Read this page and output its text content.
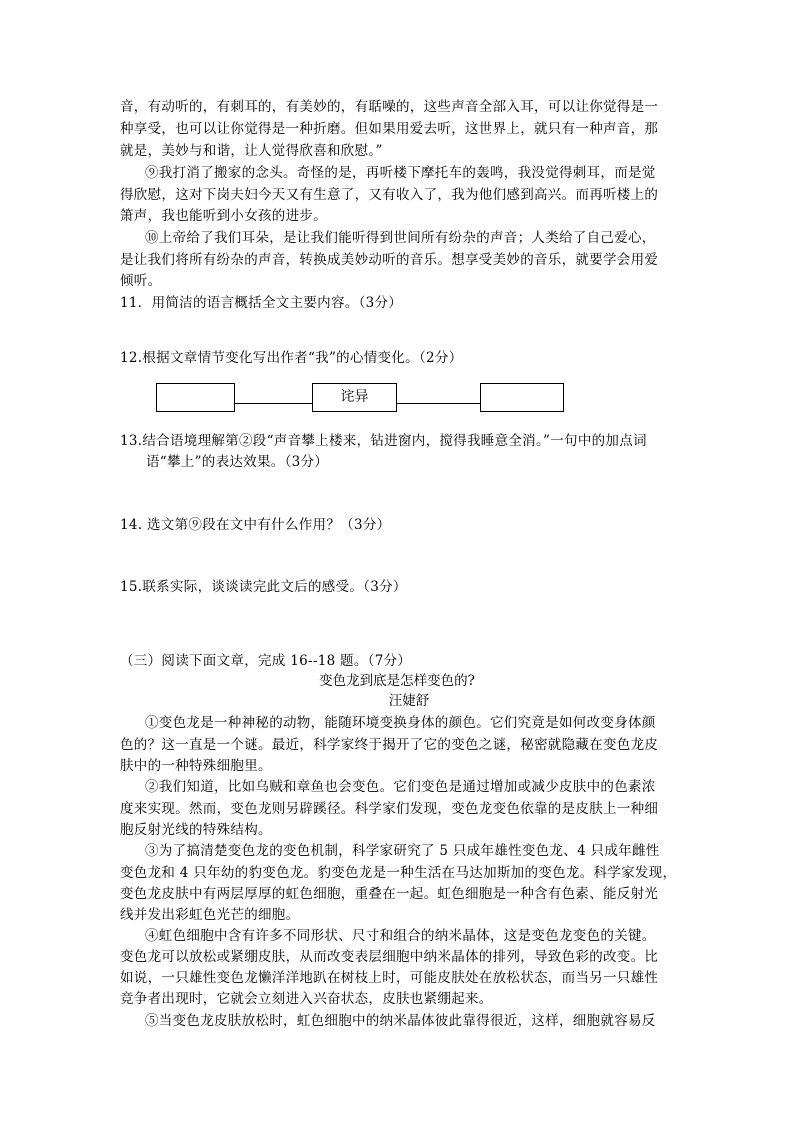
音，有动听的，有刺耳的，有美妙的，有聒噪的，这些声音全部入耳，可以让你觉得是一
种享受，也可以让你觉得是一种折磨。但如果用爱去听，这世界上，就只有一种声音，那
就是，美妙与和谐，让人觉得欣喜和欣慰。”
⑨我打消了搬家的念头。奇怪的是，再听楼下摩托车的轰鸣，我没觉得刺耳，而是觉
得欣慰，这对下岗夫妇今天又有生意了，又有收入了，我为他们感到高兴。而再听楼上的
箫声，我也能听到小女孩的进步。
⑩上帝给了我们耳朵，是让我们能听得到世间所有纷杂的声音；人类给了自己爱心，
是让我们将所有纷杂的声音，转换成美妙动听的音乐。想享受美妙的音乐，就要学会用爱
倾听。
11．用简洁的语言概括全文主要内容。（3分）
12.根据文章情节变化写出作者“我”的心情变化。（2分）
诧异
13.结合语境理解第②段“声音攀上楼来，钻进窗内，搅得我睡意全消。”一句中的加点词
语“攀上”的表达效果。（3分）
14. 选文第⑨段在文中有什么作用？（3分）
15.联系实际，谈谈读完此文后的感受。（3分）
（三）阅读下面文章，完成 16--18 题。（7分）
变色龙到底是怎样变色的?
汪婕舒
①变色龙是一种神秘的动物，能随环境变换身体的颜色。它们究竟是如何改变身体颜
色的？这一直是一个谜。最近，科学家终于揭开了它的变色之谜，秘密就隐藏在变色龙皮
肤中的一种特殊细胞里。
②我们知道，比如乌贼和章鱼也会变色。它们变色是通过增加或减少皮肤中的色素浓
度来实现。然而，变色龙则另辟蹊径。科学家们发现，变色龙变色依靠的是皮肤上一种细
胞反射光线的特殊结构。
③为了搞清楚变色龙的变色机制，科学家研究了 5 只成年雄性变色龙、4 只成年雌性
变色龙和 4 只年幼的豹变色龙。豹变色龙是一种生活在马达加斯加的变色龙。科学家发现，
变色龙皮肤中有两层厚厚的虹色细胞，重叠在一起。虹色细胞是一种含有色素、能反射光
线并发出彩虹色光芒的细胞。
④虹色细胞中含有许多不同形状、尺寸和组合的纳米晶体，这是变色龙变色的关键。
变色龙可以放松或紧绷皮肤，从而改变表层细胞中纳米晶体的排列，导致色彩的改变。比
如说，一只雄性变色龙懒洋洋地趴在树枝上时，可能皮肤处在放松状态，而当另一只雄性
竞争者出现时，它就会立刻进入兴奋状态，皮肤也紧绷起来。
⑤当变色龙皮肤放松时，虹色细胞中的纳米晶体彼此靠得很近，这样，细胞就容易反
